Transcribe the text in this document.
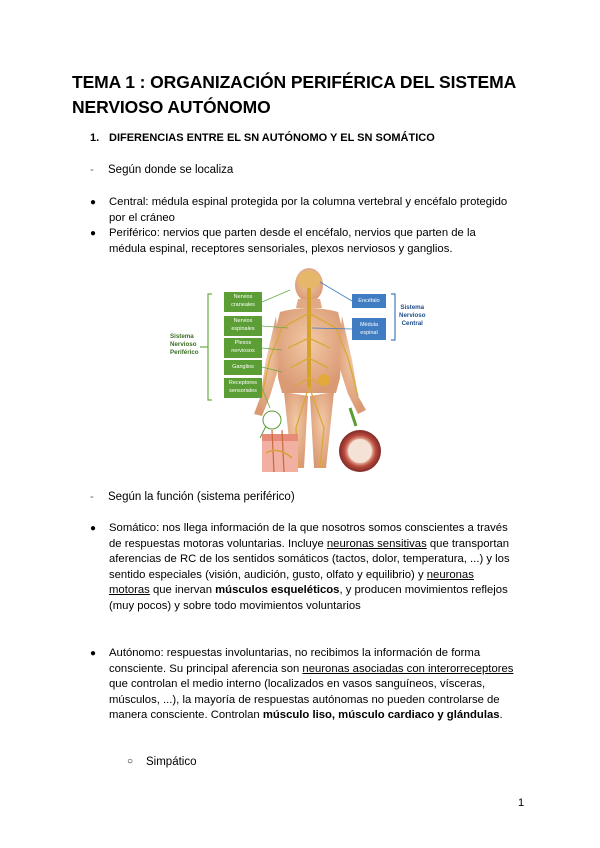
TEMA 1 : ORGANIZACIÓN PERIFÉRICA DEL SISTEMA NERVIOSO AUTÓNOMO
1. DIFERENCIAS ENTRE EL SN AUTÓNOMO Y EL SN SOMÁTICO
- Según donde se localiza
● Central: médula espinal protegida por la columna vertebral y encéfalo protegido por el cráneo
● Periférico: nervios que parten desde el encéfalo, nervios que parten de la médula espinal, receptores sensoriales, plexos nerviosos y ganglios.
Sistema
Nervioso
Periférico
Sistema
Nervioso
Central
Nervios
craneales
Nervios
espinales
Plexos
nerviosos
Ganglios
Receptores
sensoriales
Encéfalo
Médula
espinal
- Según la función (sistema periférico)
● Somático: nos llega información de la que nosotros somos conscientes a través de respuestas motoras voluntarias. Incluye neuronas sensitivas que transportan aferencias de RC de los sentidos somáticos (tactos, dolor, temperatura, ...) y los sentido especiales (visión, audición, gusto, olfato y equilibrio) y neuronas motoras que inervan músculos esqueléticos, y producen movimientos reflejos (muy pocos) y sobre todo movimientos voluntarios
● Autónomo: respuestas involuntarias, no recibimos la información de forma consciente. Su principal aferencia son neuronas asociadas con interorreceptores que controlan el medio interno (localizados en vasos sanguíneos, vísceras, músculos, ...), la mayoría de respuestas autónomas no pueden controlarse de manera consciente. Controlan músculo liso, músculo cardiaco y glándulas.
○ Simpático
1
